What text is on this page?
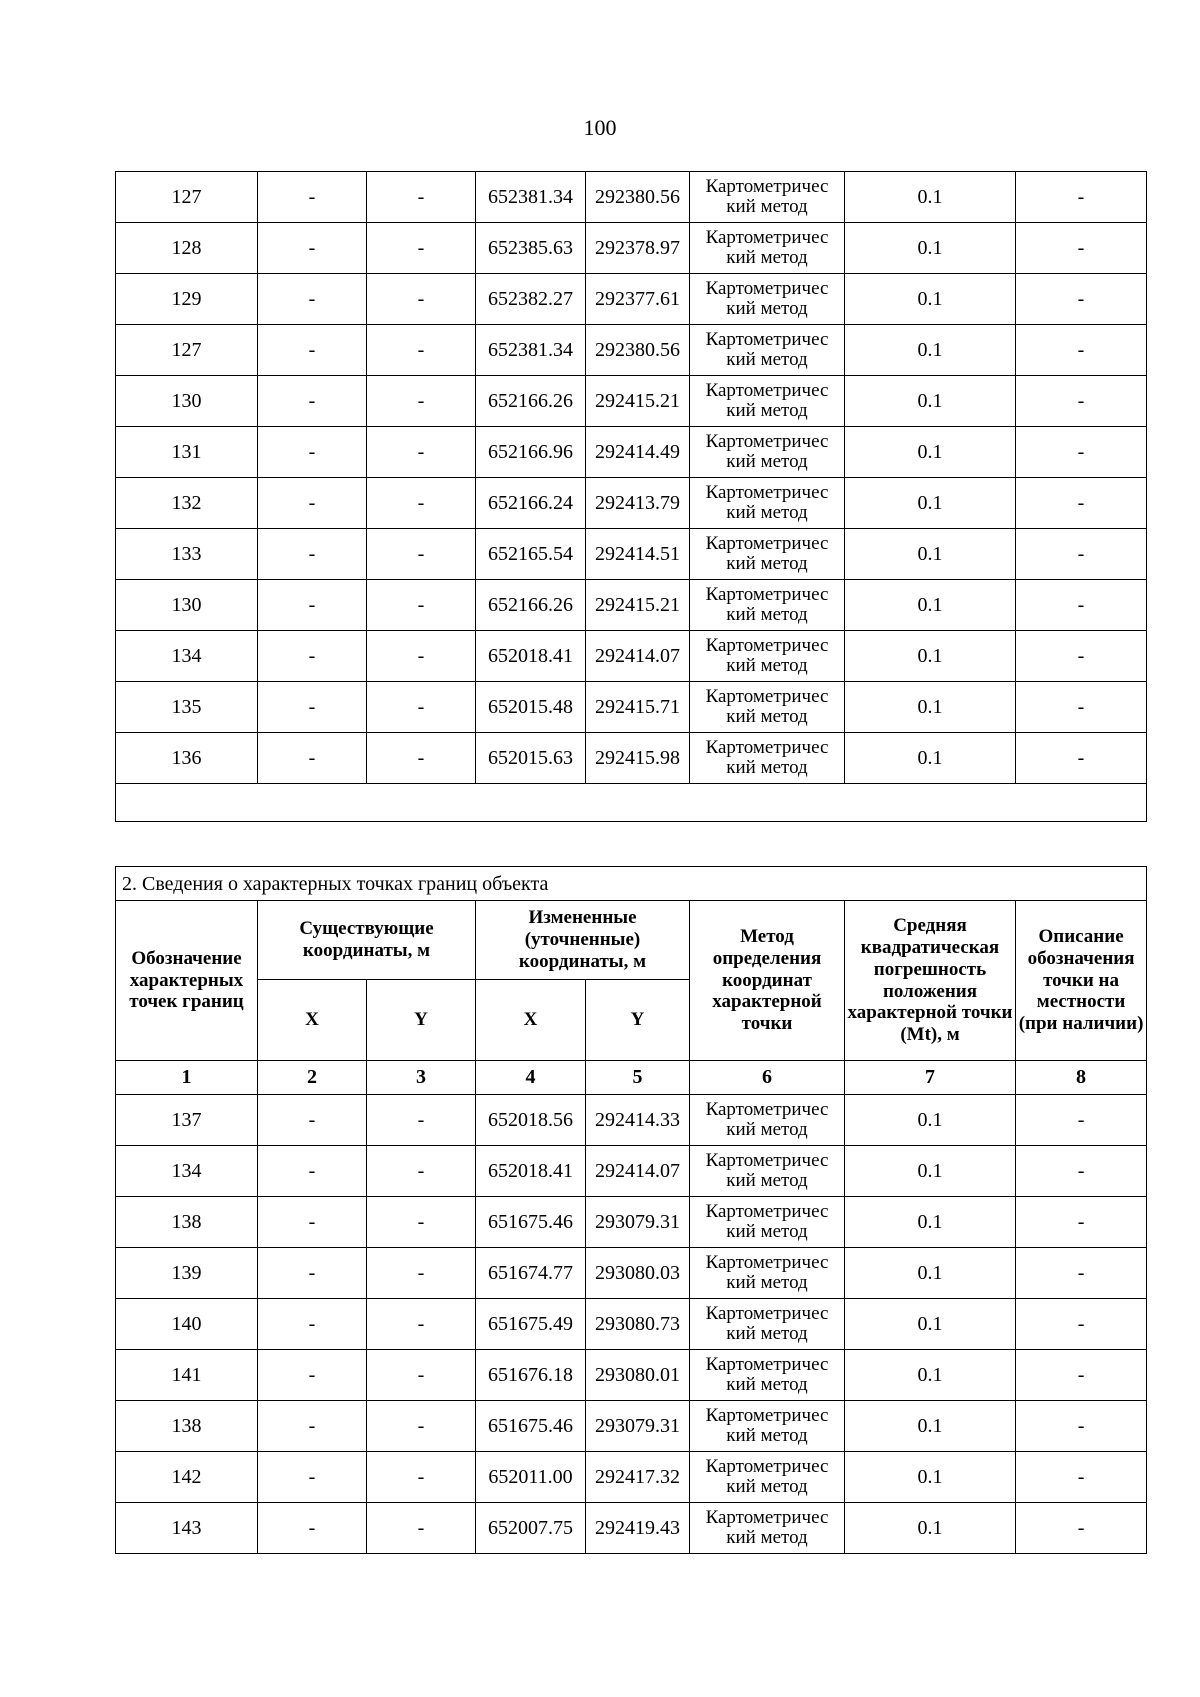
100
127	-	-	652381.34	292380.56	Картометричес кий метод	0.1	-
128	-	-	652385.63	292378.97	Картометричес кий метод	0.1	-
129	-	-	652382.27	292377.61	Картометричес кий метод	0.1	-
127	-	-	652381.34	292380.56	Картометричес кий метод	0.1	-
130	-	-	652166.26	292415.21	Картометричес кий метод	0.1	-
131	-	-	652166.96	292414.49	Картометричес кий метод	0.1	-
132	-	-	652166.24	292413.79	Картометричес кий метод	0.1	-
133	-	-	652165.54	292414.51	Картометричес кий метод	0.1	-
130	-	-	652166.26	292415.21	Картометричес кий метод	0.1	-
134	-	-	652018.41	292414.07	Картометричес кий метод	0.1	-
135	-	-	652015.48	292415.71	Картометричес кий метод	0.1	-
136	-	-	652015.63	292415.98	Картометричес кий метод	0.1	-

2. Сведения о характерных точках границ объекта							
Обозначение характерных точек границ	Существующие координаты, м		Измененные (уточненные) координаты, м		Метод определения координат характерной точки	Средняя квадратическая погрешность положения характерной точки (Mt), м	Описание обозначения точки на местности (при наличии)
	X	Y	X	Y			
1	2	3	4	5	6	7	8
137	-	-	652018.56	292414.33	Картометричес кий метод	0.1	-
134	-	-	652018.41	292414.07	Картометричес кий метод	0.1	-
138	-	-	651675.46	293079.31	Картометричес кий метод	0.1	-
139	-	-	651674.77	293080.03	Картометричес кий метод	0.1	-
140	-	-	651675.49	293080.73	Картометричес кий метод	0.1	-
141	-	-	651676.18	293080.01	Картометричес кий метод	0.1	-
138	-	-	651675.46	293079.31	Картометричес кий метод	0.1	-
142	-	-	652011.00	292417.32	Картометричес кий метод	0.1	-
143	-	-	652007.75	292419.43	Картометричес кий метод	0.1	-
